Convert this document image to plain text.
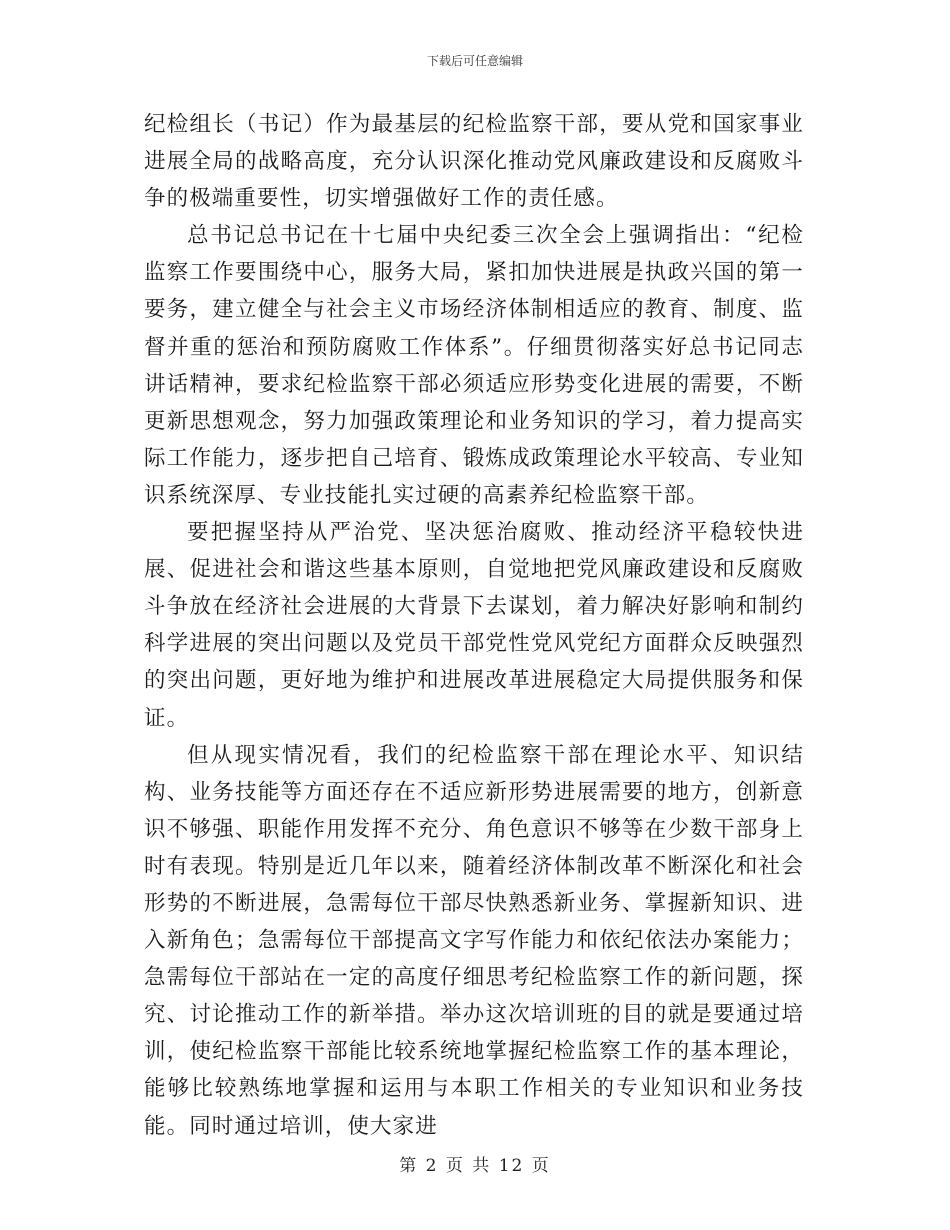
下载后可任意编辑

纪检组长（书记）作为最基层的纪检监察干部，要从党和国家事业进展全局的战略高度，充分认识深化推动党风廉政建设和反腐败斗争的极端重要性，切实增强做好工作的责任感。

总书记总书记在十七届中央纪委三次全会上强调指出：“纪检监察工作要围绕中心，服务大局，紧扣加快进展是执政兴国的第一要务，建立健全与社会主义市场经济体制相适应的教育、制度、监督并重的惩治和预防腐败工作体系”。仔细贯彻落实好总书记同志讲话精神，要求纪检监察干部必须适应形势变化进展的需要，不断更新思想观念，努力加强政策理论和业务知识的学习，着力提高实际工作能力，逐步把自己培育、锻炼成政策理论水平较高、专业知识系统深厚、专业技能扎实过硬的高素养纪检监察干部。

要把握坚持从严治党、坚决惩治腐败、推动经济平稳较快进展、促进社会和谐这些基本原则，自觉地把党风廉政建设和反腐败斗争放在经济社会进展的大背景下去谋划，着力解决好影响和制约科学进展的突出问题以及党员干部党性党风党纪方面群众反映强烈的突出问题，更好地为维护和进展改革进展稳定大局提供服务和保证。

但从现实情况看，我们的纪检监察干部在理论水平、知识结构、业务技能等方面还存在不适应新形势进展需要的地方，创新意识不够强、职能作用发挥不充分、角色意识不够等在少数干部身上时有表现。特别是近几年以来，随着经济体制改革不断深化和社会形势的不断进展，急需每位干部尽快熟悉新业务、掌握新知识、进入新角色；急需每位干部提高文字写作能力和依纪依法办案能力；急需每位干部站在一定的高度仔细思考纪检监察工作的新问题，探究、讨论推动工作的新举措。举办这次培训班的目的就是要通过培训，使纪检监察干部能比较系统地掌握纪检监察工作的基本理论，能够比较熟练地掌握和运用与本职工作相关的专业知识和业务技能。同时通过培训，使大家进

第 2 页 共 12 页
